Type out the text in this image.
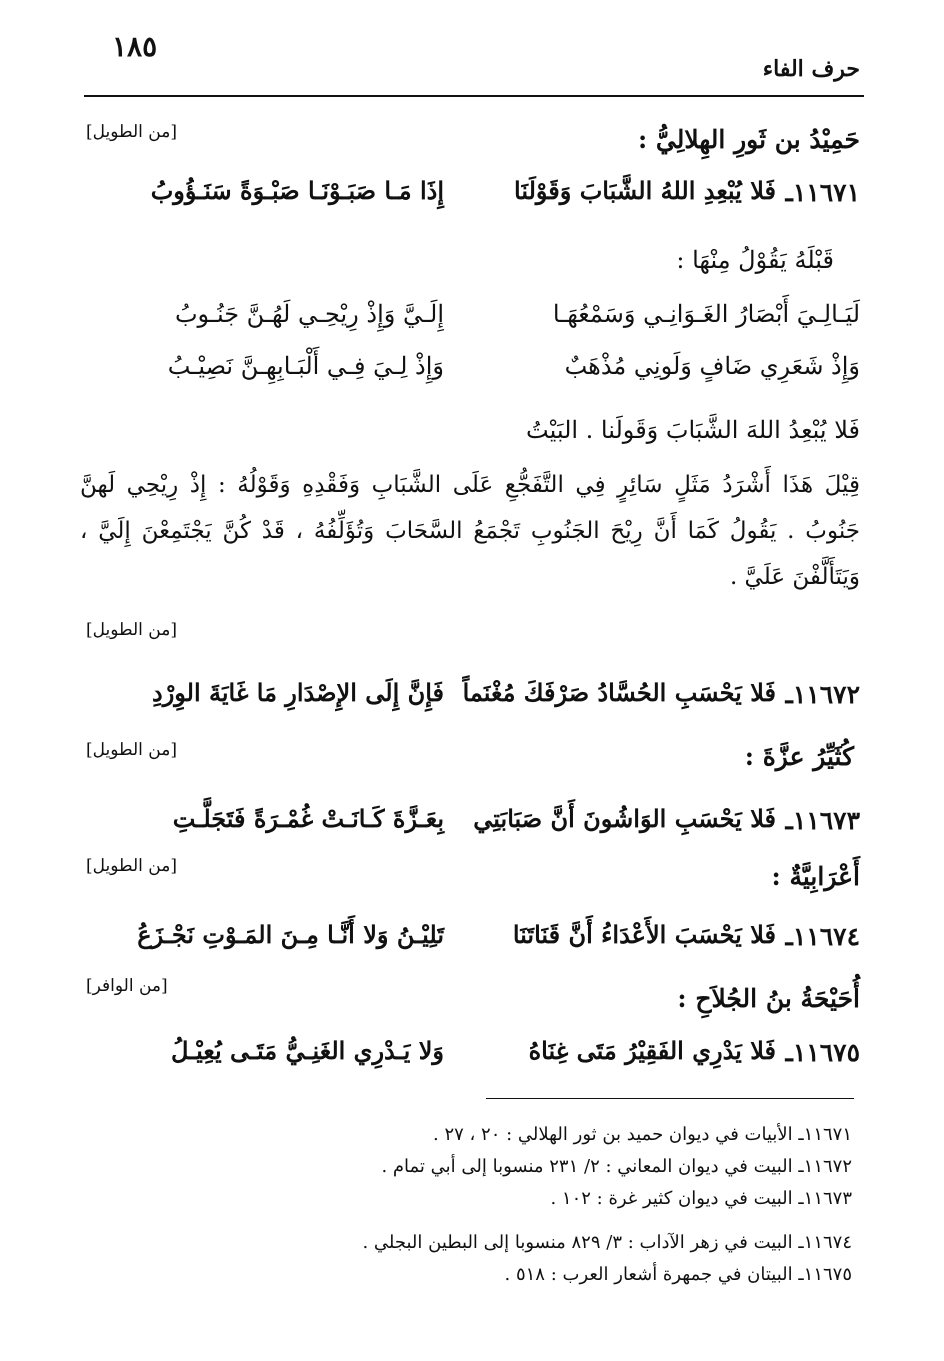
١٨٥
حرف الفاء
حَمِيْدُ بن ثَورِ الهِلالِيُّ :
[من الطويل]
١١٦٧١ـ
فَلا يُبْعِدِ اللهُ الشَّبَابَ وَقَوْلَنَا
إِذَا مَـا صَبَـوْنَـا صَبْـوَةً سَنَـؤُوبُ
قَبْلَهُ يَقُوْلُ مِنْهَا :
لَيَـالِـيَ أَبْصَارُ الغَـوَانِـي وَسَمْعُهَـا
إِلَـيَّ وَإِذْ رِيْحِـي لَهُـنَّ جَنُـوبُ
وَإِذْ شَعَرِي ضَافٍ وَلَونِي مُذْهَبٌ
وَإِذْ لِـيَ فِـي أَلْبَـابِهِـنَّ نَصِيْـبُ
فَلا يُبْعِدُ اللهَ الشَّبَابَ وَقَولَنا . البَيْتُ
قِيْلَ هَذَا أَشْرَدُ مَثَلٍ سَائِرٍ فِي التَّفَجُّعِ عَلَى الشَّبَابِ وَفَقْدِهِ وَقَوْلُهُ : إِذْ رِيْحِي لَهنَّ جَنُوبُ . يَقُولُ كَمَا أَنَّ رِيْحَ الجَنُوبِ تَجْمَعُ السَّحَابَ وَتُؤَلِّفُهُ ، قَدْ كُنَّ يَجْتَمِعْنَ إِلَيَّ ، وَيَتَأَلَّفْنَ عَلَيَّ .
[من الطويل]
١١٦٧٢ـ
فَلا يَحْسَبِ الحُسَّادُ صَرْفَكَ مُغْنَماً
فَإِنَّ إِلَى الإِصْدَارِ مَا غَايَةَ الوِرْدِ
كُثَيِّرُ عزَّةَ :
[من الطويل]
١١٦٧٣ـ
فَلا يَحْسَبِ الوَاشُونَ أَنَّ صَبَابَتِي
بِعَـزَّةَ كَـانَـتْ غُمْـرَةً فَتَجَلَّـتِ
أَعْرَابِيَّةٌ :
[من الطويل]
١١٦٧٤ـ
فَلا يَحْسَبَ الأَعْدَاءُ أَنَّ قَنَاتَنَا
تَلِيْـنُ وَلا أَنَّـا مِـنَ المَـوْتِ نَجْـزَعُ
أُحَيْحَةُ بنُ الجُلاَحِ :
[من الوافر]
١١٦٧٥ـ
فَلا يَدْرِي الفَقِيْرُ مَتَى غِنَاهُ
وَلا يَـدْرِي الغَنِـيُّ مَتَـى يُعِيْـلُ
١١٦٧١ـ الأبيات في ديوان حميد بن ثور الهلالي : ٢٠ ، ٢٧ .
١١٦٧٢ـ البيت في ديوان المعاني : ٢/ ٢٣١ منسوبا إلى أبي تمام .
١١٦٧٣ـ البيت في ديوان كثير غرة : ١٠٢ .
١١٦٧٤ـ البيت في زهر الآداب : ٣/ ٨٢٩ منسوبا إلى البطين البجلي .
١١٦٧٥ـ البيتان في جمهرة أشعار العرب : ٥١٨ .
